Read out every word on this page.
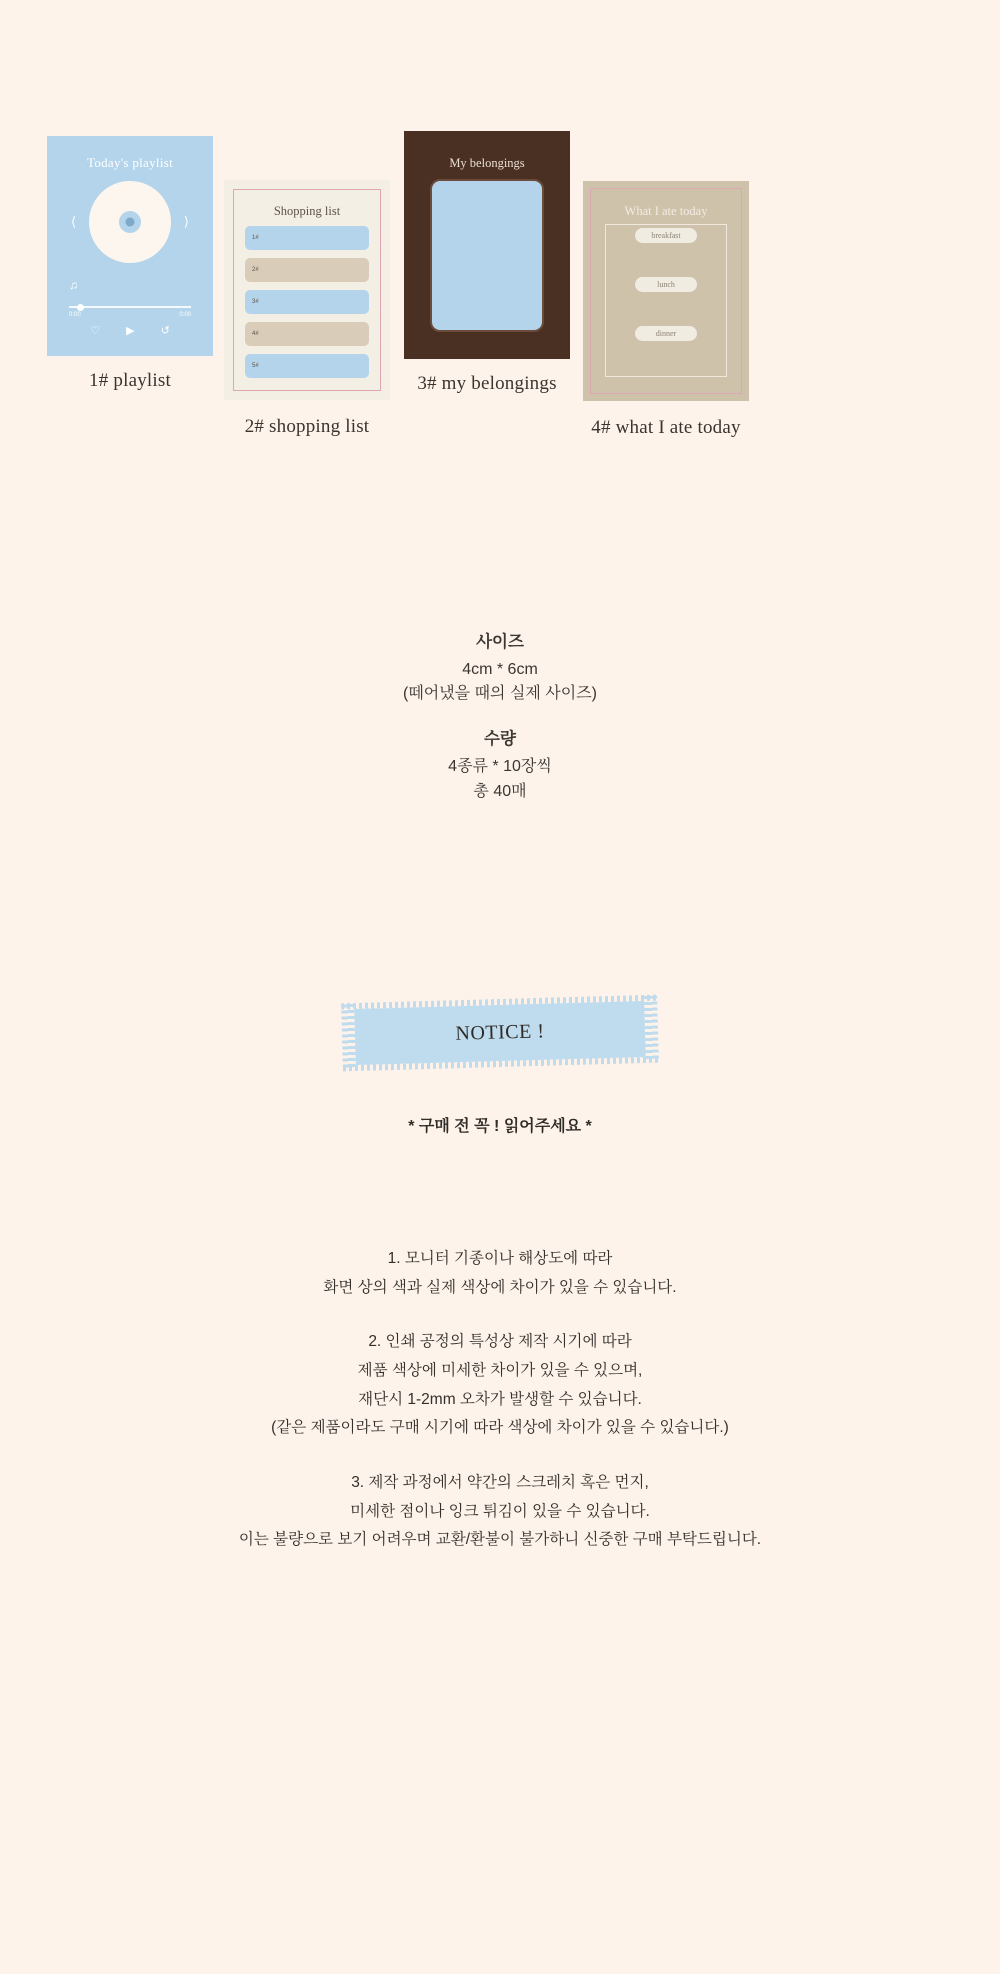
Today's playlist
⟨	⟩
♫
0:00	0:00
♡ ▶ ↺
1# playlist
Shopping list
1#
2#
3#
4#
5#
2# shopping list
My belongings
3# my belongings
What I ate today
breakfast
lunch
dinner
4# what I ate today
사이즈
4cm * 6cm
(떼어냈을 때의 실제 사이즈)
수량
4종류 * 10장씩
총 40매
NOTICE !
* 구매 전 꼭 ! 읽어주세요 *
1. 모니터 기종이나 해상도에 따라
화면 상의 색과 실제 색상에 차이가 있을 수 있습니다.
2. 인쇄 공정의 특성상 제작 시기에 따라
제품 색상에 미세한 차이가 있을 수 있으며,
재단시 1-2mm 오차가 발생할 수 있습니다.
(같은 제품이라도 구매 시기에 따라 색상에 차이가 있을 수 있습니다.)
3. 제작 과정에서 약간의 스크레치 혹은 먼지,
미세한 점이나 잉크 튀김이 있을 수 있습니다.
이는 불량으로 보기 어려우며 교환/환불이 불가하니 신중한 구매 부탁드립니다.
